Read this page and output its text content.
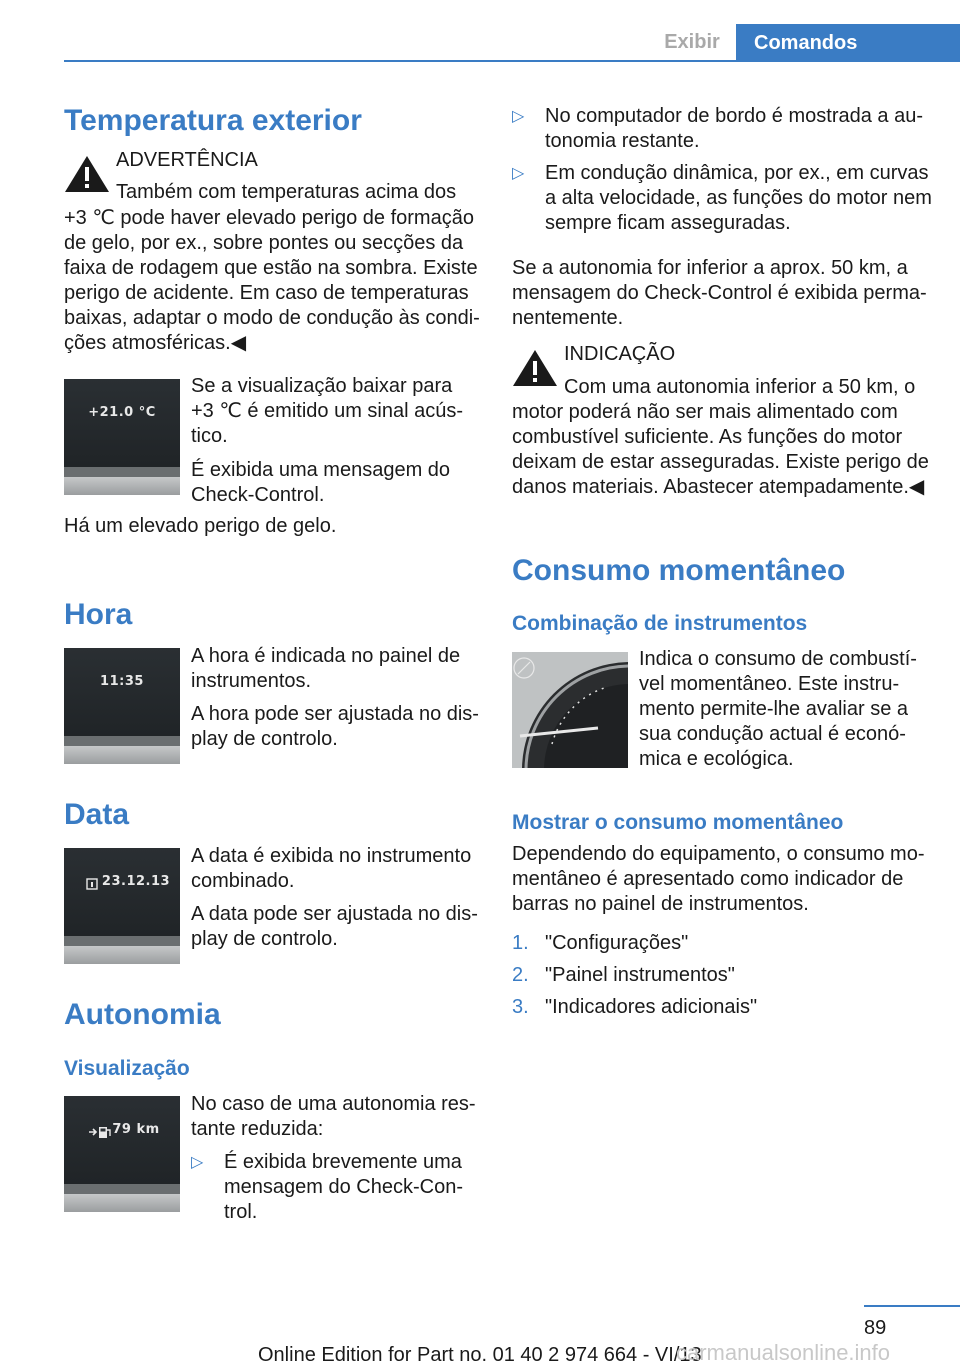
Exibir	Comandos
Temperatura exterior
ADVERTÊNCIA
Também com temperaturas acima dos
+3 ℃ pode haver elevado perigo de formação
de gelo, por ex., sobre pontes ou secções da
faixa de rodagem que estão na sombra. Existe
perigo de acidente. Em caso de temperaturas
baixas, adaptar o modo de condução às condi‐
ções atmosféricas.◀
+21.0 °C
Se a visualização baixar para
+3 ℃ é emitido um sinal acús‐
tico.
É exibida uma mensagem do
Check-Control.
Há um elevado perigo de gelo.
Hora
11:35
A hora é indicada no painel de
instrumentos.
A hora pode ser ajustada no dis‐
play de controlo.
Data
23.12.13
A data é exibida no instrumento
combinado.
A data pode ser ajustada no dis‐
play de controlo.
Autonomia
Visualização
79 km
No caso de uma autonomia res‐
tante reduzida:
▷ É exibida brevemente uma
mensagem do Check-Con‐
trol.
▷ No computador de bordo é mostrada a au‐
tonomia restante.
▷ Em condução dinâmica, por ex., em curvas
a alta velocidade, as funções do motor nem
sempre ficam asseguradas.
Se a autonomia for inferior a aprox. 50 km, a
mensagem do Check-Control é exibida perma‐
nentemente.
INDICAÇÃO
Com uma autonomia inferior a 50 km, o
motor poderá não ser mais alimentado com
combustível suficiente. As funções do motor
deixam de estar asseguradas. Existe perigo de
danos materiais. Abastecer atempadamente.◀
Consumo momentâneo
Combinação de instrumentos
Indica o consumo de combustí‐
vel momentâneo. Este instru‐
mento permite-lhe avaliar se a
sua condução actual é econó‐
mica e ecológica.
Mostrar o consumo momentâneo
Dependendo do equipamento, o consumo mo‐
mentâneo é apresentado como indicador de
barras no painel de instrumentos.
1. "Configurações"
2. "Painel instrumentos"
3. "Indicadores adicionais"
89
Online Edition for Part no. 01 40 2 974 664 - VI/13
carmanualsonline.info
